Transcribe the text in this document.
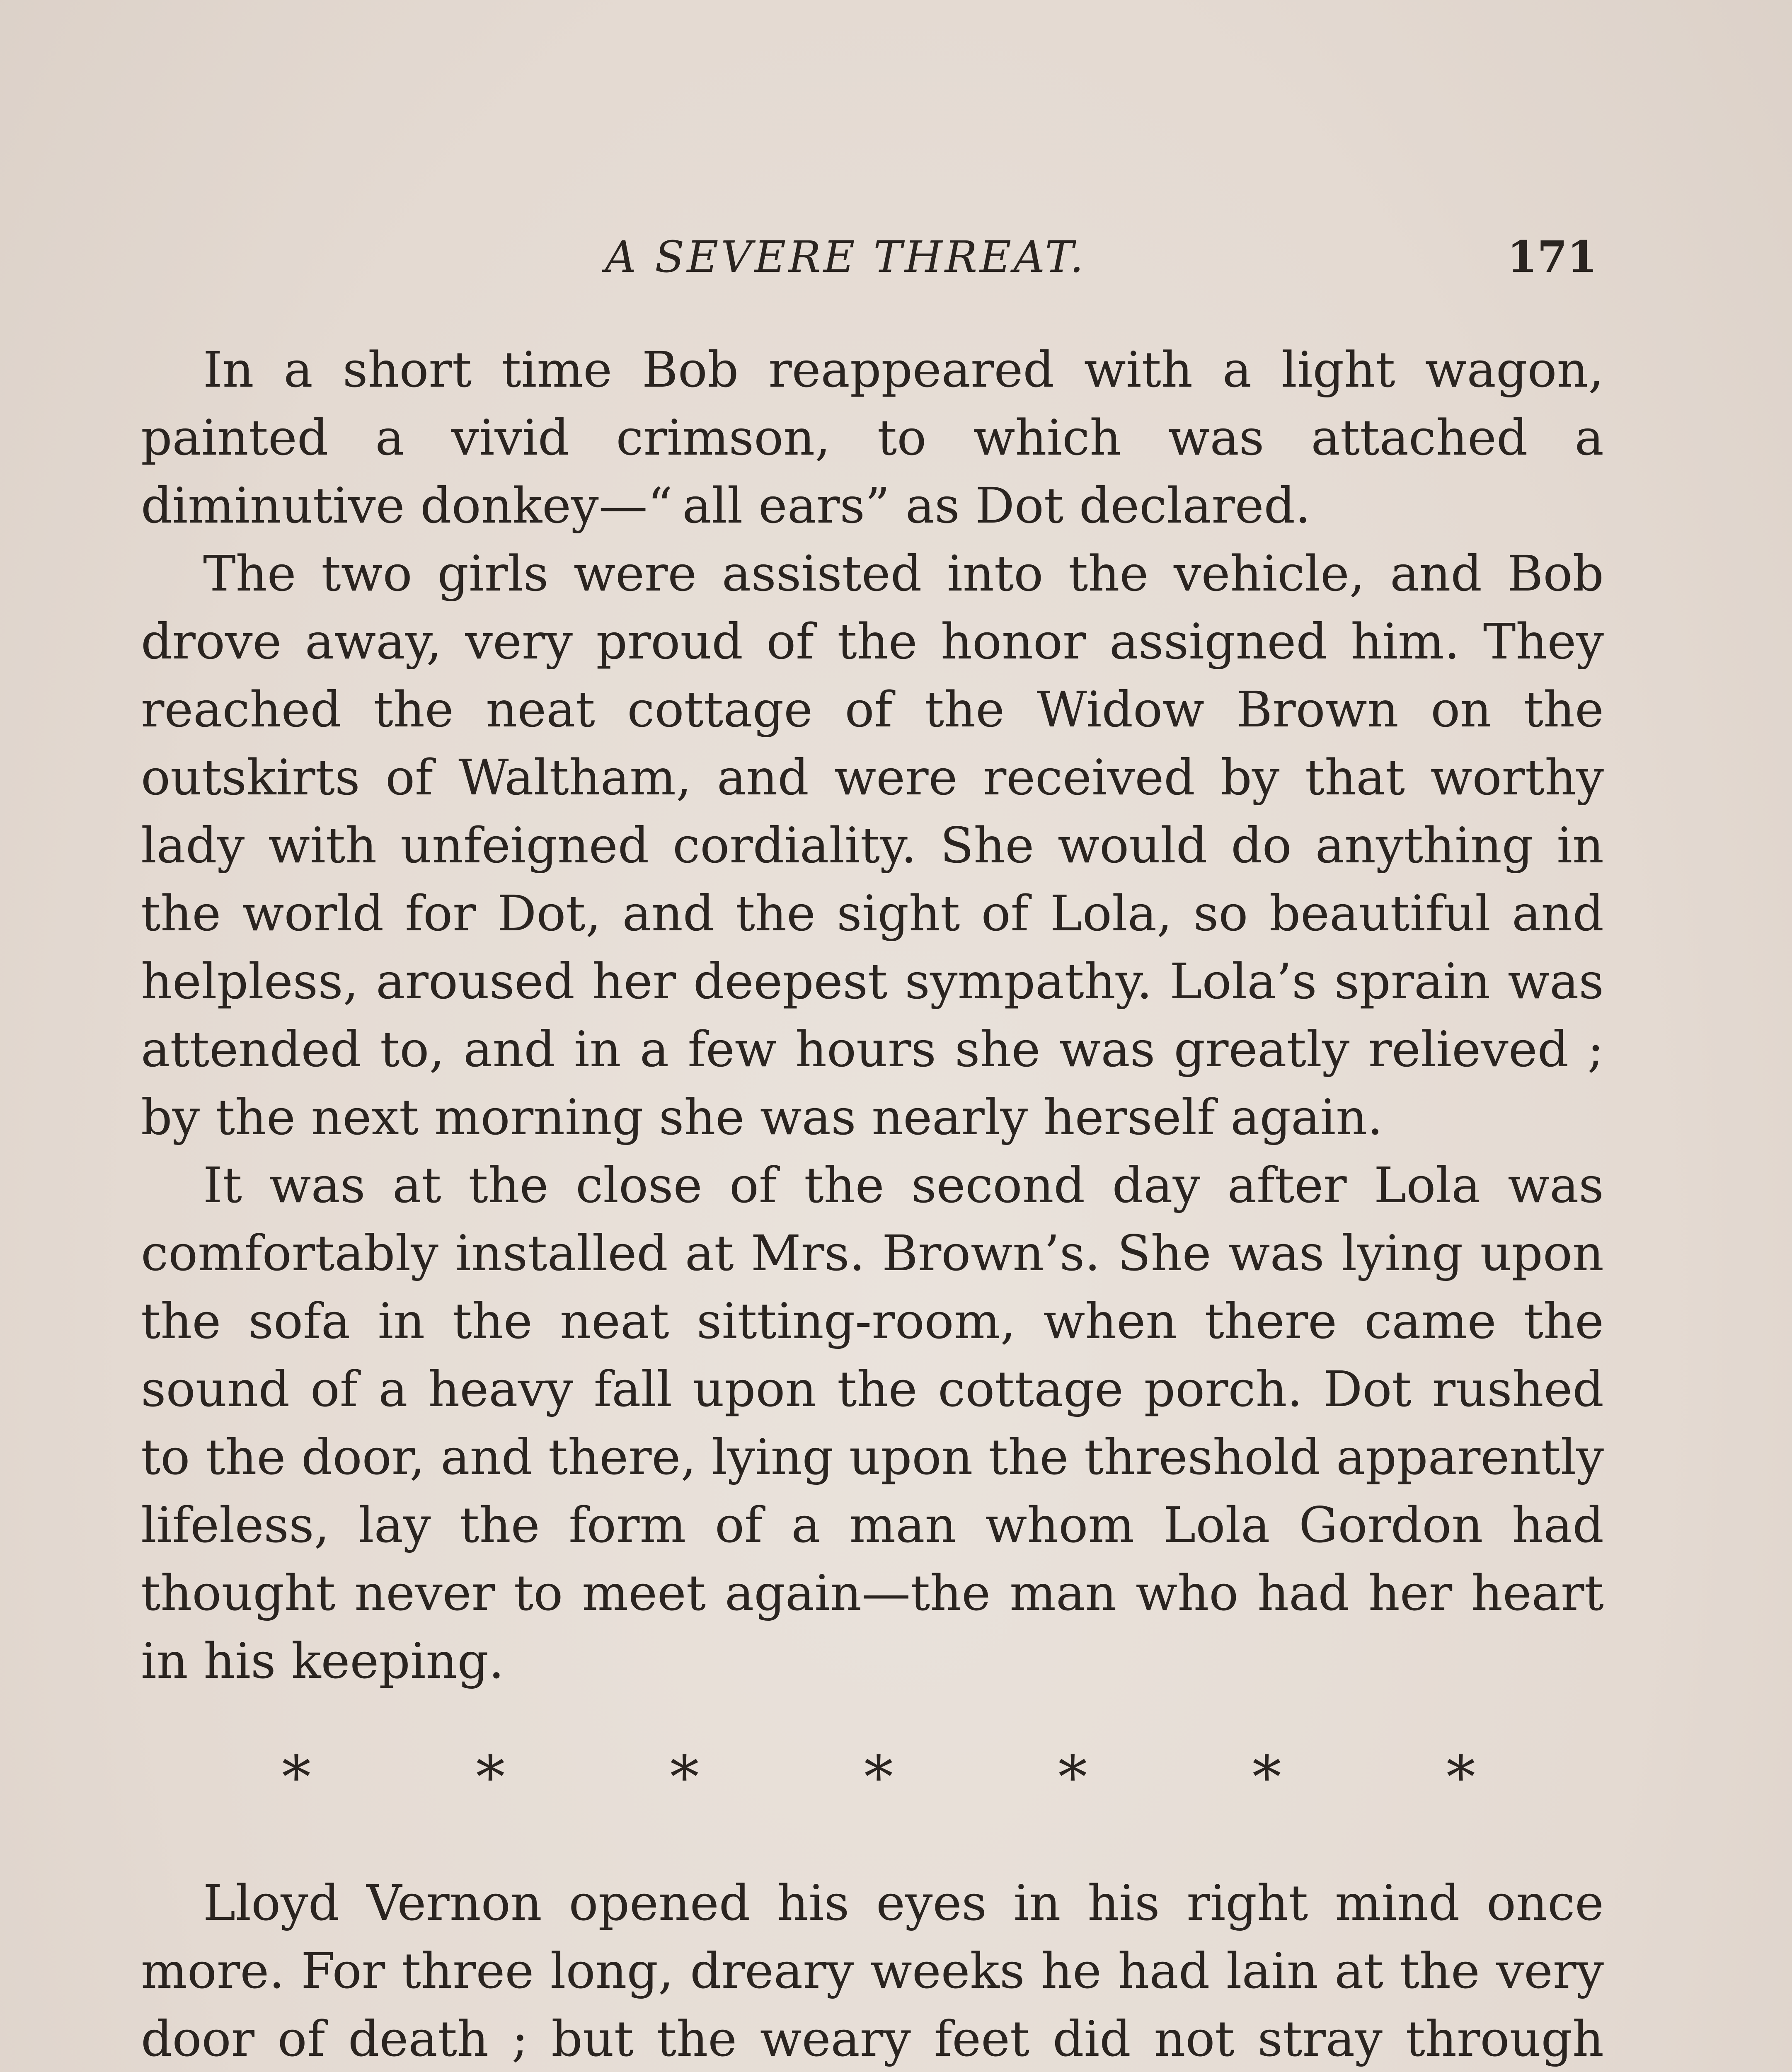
A SEVERE THREAT.	171

In a short time Bob reappeared with a light wagon, painted a vivid crimson, to which was attached a diminutive donkey—“ all ears” as Dot declared.

The two girls were assisted into the vehicle, and Bob drove away, very proud of the honor assigned him. They reached the neat cottage of the Widow Brown on the outskirts of Waltham, and were received by that worthy lady with unfeigned cordiality. She would do anything in the world for Dot, and the sight of Lola, so beautiful and helpless, aroused her deepest sympathy. Lola’s sprain was attended to, and in a few hours she was greatly relieved ; by the next morning she was nearly herself again.

It was at the close of the second day after Lola was comfortably installed at Mrs. Brown’s. She was lying upon the sofa in the neat sitting-room, when there came the sound of a heavy fall upon the cottage porch. Dot rushed to the door, and there, lying upon the threshold apparently lifeless, lay the form of a man whom Lola Gordon had thought never to meet again—the man who had her heart in his keeping.

*	*	*	*	*	*	*

Lloyd Vernon opened his eyes in his right mind once more. For three long, dreary weeks he had lain at the very door of death ; but the weary feet did not stray through
